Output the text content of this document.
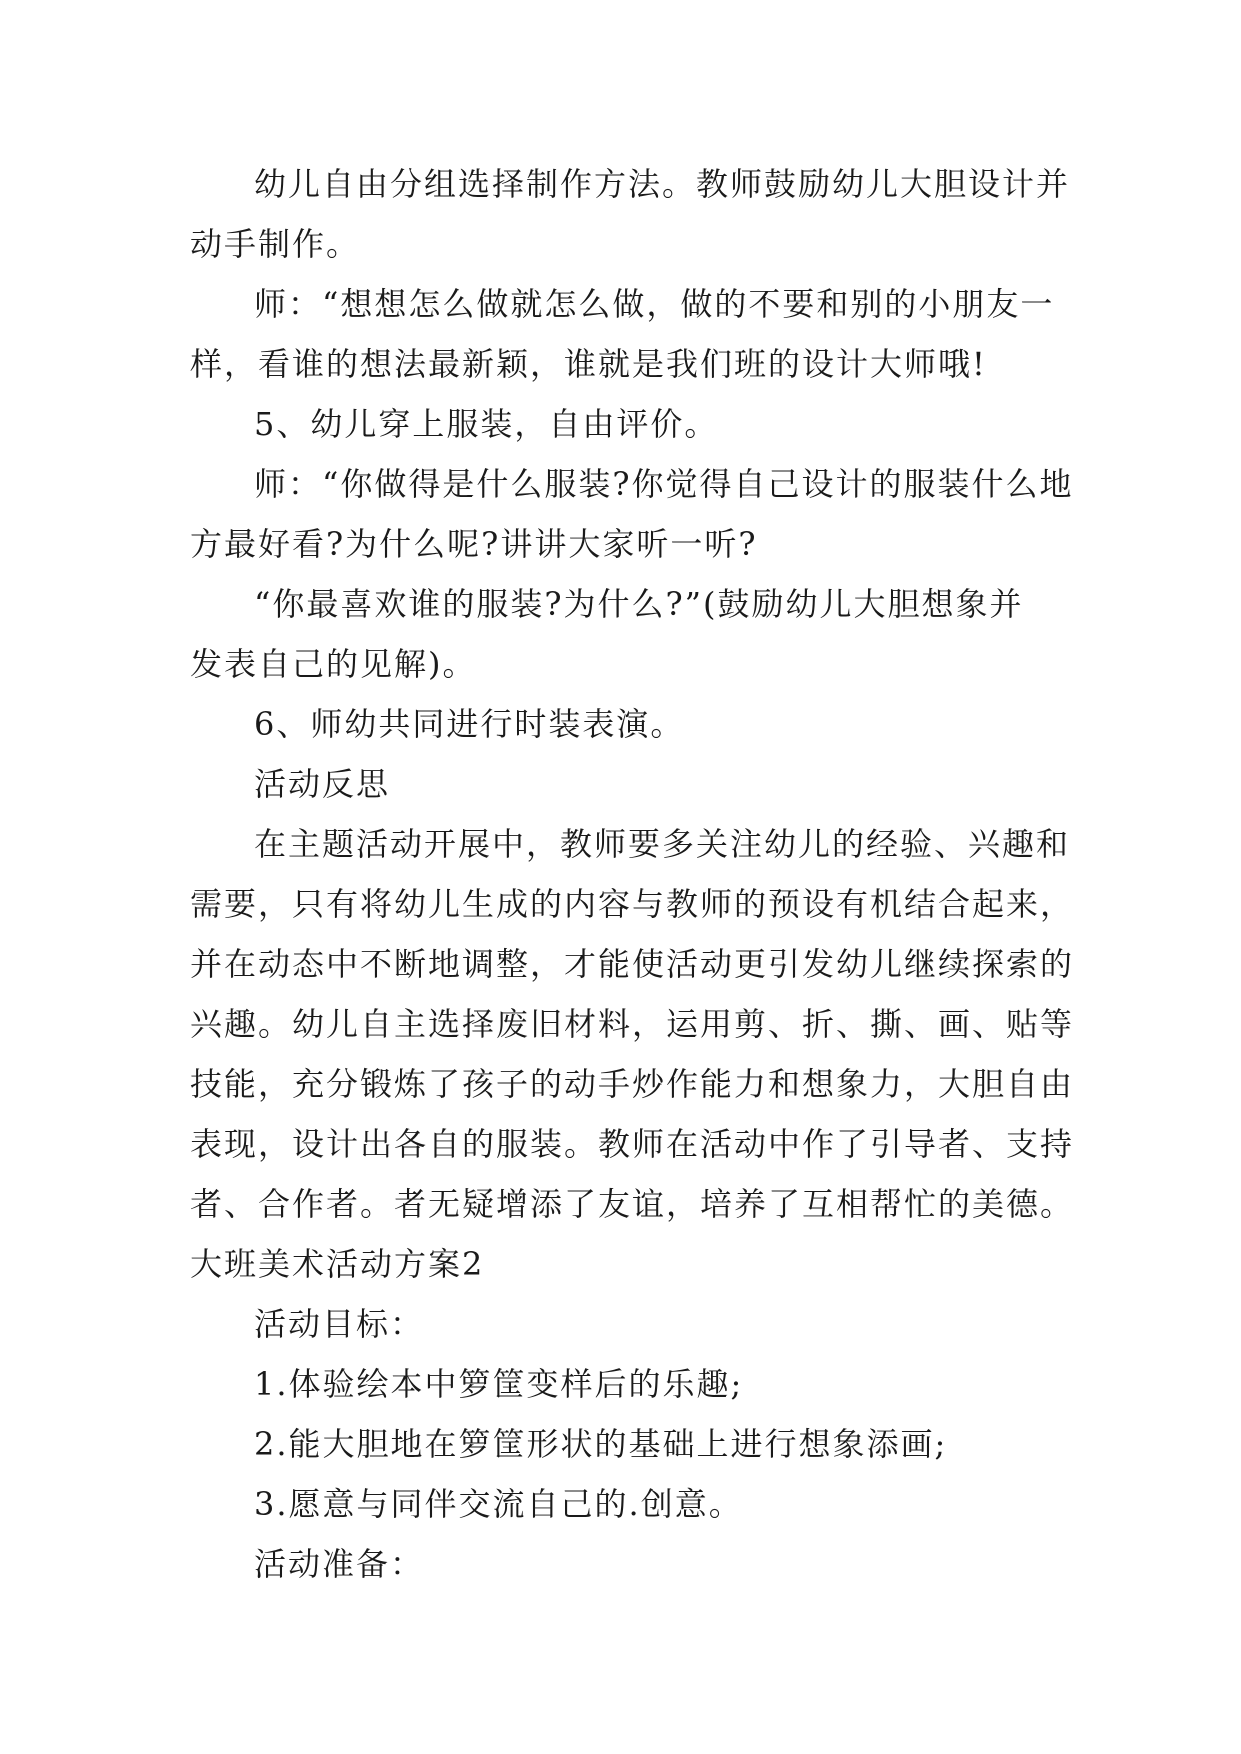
幼儿自由分组选择制作方法。教师鼓励幼儿大胆设计并

动手制作。

师：“想想怎么做就怎么做，做的不要和别的小朋友一

样，看谁的想法最新颖，谁就是我们班的设计大师哦!

5、幼儿穿上服装，自由评价。

师：“你做得是什么服装?你觉得自己设计的服装什么地

方最好看?为什么呢?讲讲大家听一听?

“你最喜欢谁的服装?为什么?”(鼓励幼儿大胆想象并

发表自己的见解)。

6、师幼共同进行时装表演。

活动反思

在主题活动开展中，教师要多关注幼儿的经验、兴趣和

需要，只有将幼儿生成的内容与教师的预设有机结合起来，

并在动态中不断地调整，才能使活动更引发幼儿继续探索的

兴趣。幼儿自主选择废旧材料，运用剪、折、撕、画、贴等

技能，充分锻炼了孩子的动手炒作能力和想象力，大胆自由

表现，设计出各自的服装。教师在活动中作了引导者、支持

者、合作者。者无疑增添了友谊，培养了互相帮忙的美德。

大班美术活动方案2

活动目标：

1.体验绘本中箩筐变样后的乐趣;

2.能大胆地在箩筐形状的基础上进行想象添画;

3.愿意与同伴交流自己的.创意。

活动准备：
